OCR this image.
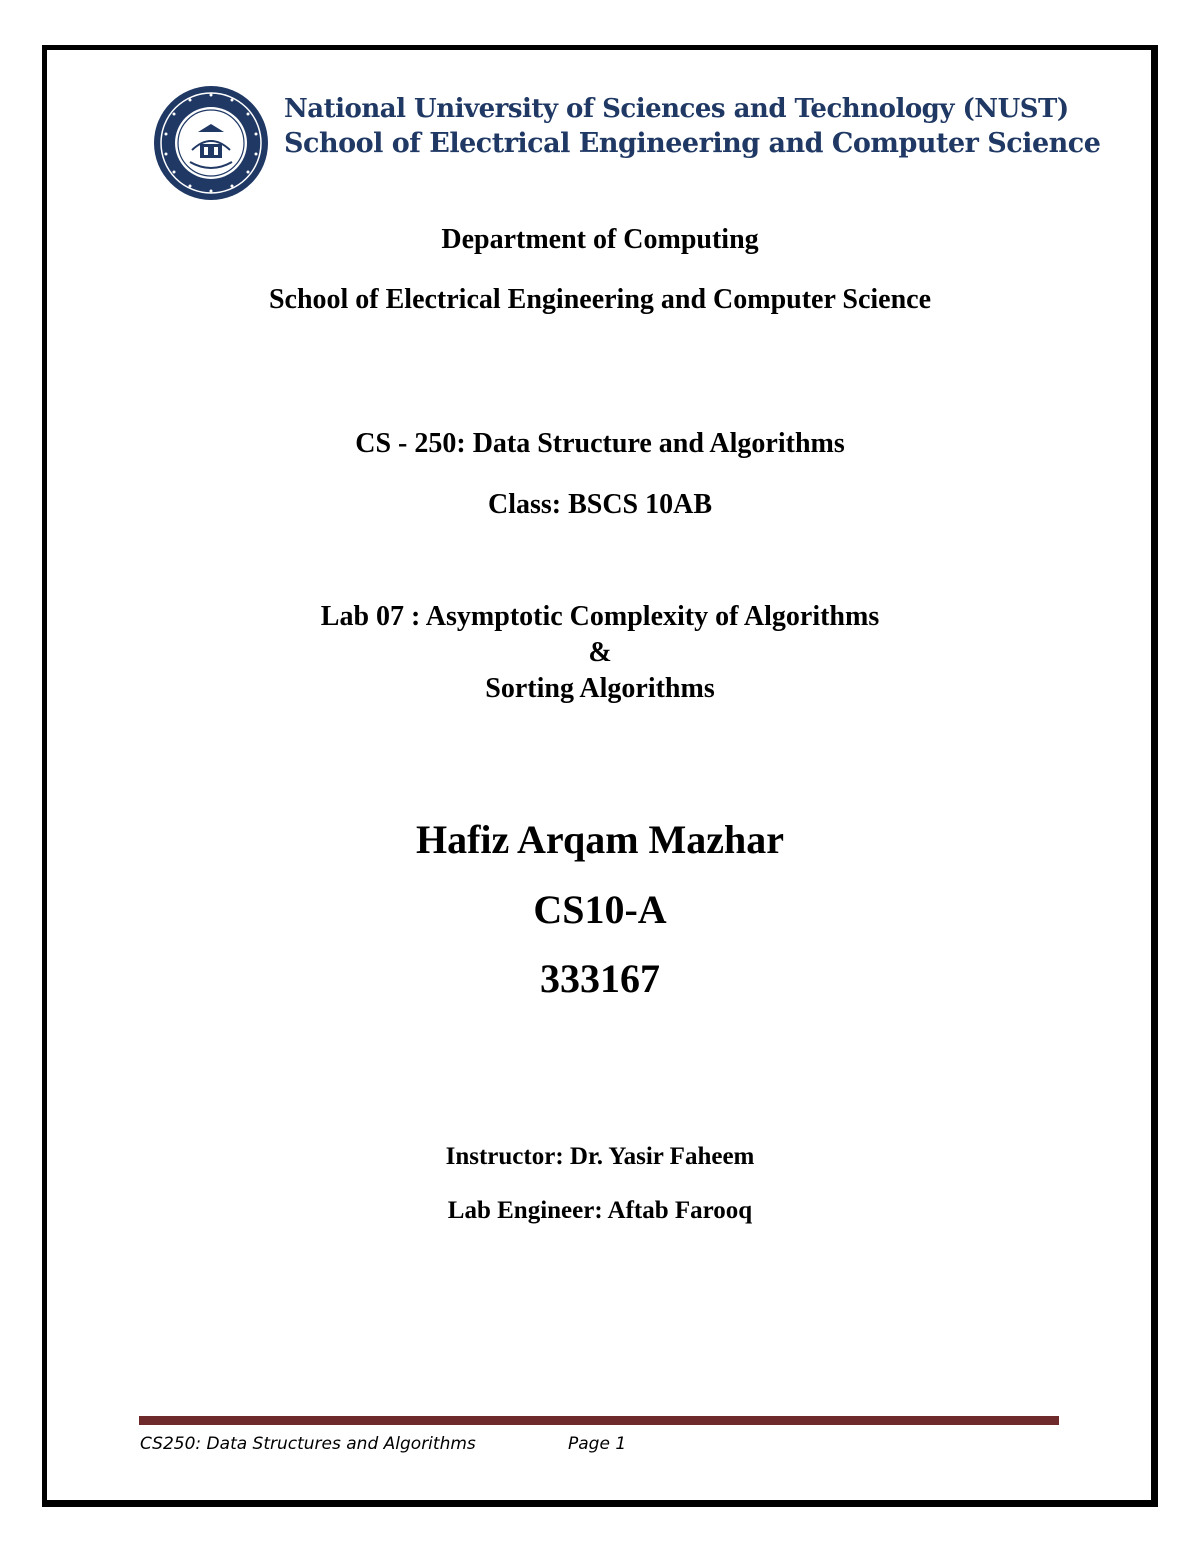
National University of Sciences and Technology (NUST)
School of Electrical Engineering and Computer Science
Department of Computing
School of Electrical Engineering and Computer Science
CS - 250: Data Structure and Algorithms
Class: BSCS 10AB
Lab 07 : Asymptotic Complexity of Algorithms
&
Sorting Algorithms
Hafiz Arqam Mazhar
CS10-A
333167
Instructor: Dr. Yasir Faheem
Lab Engineer: Aftab Farooq
CS250: Data Structures and Algorithms	Page 1
